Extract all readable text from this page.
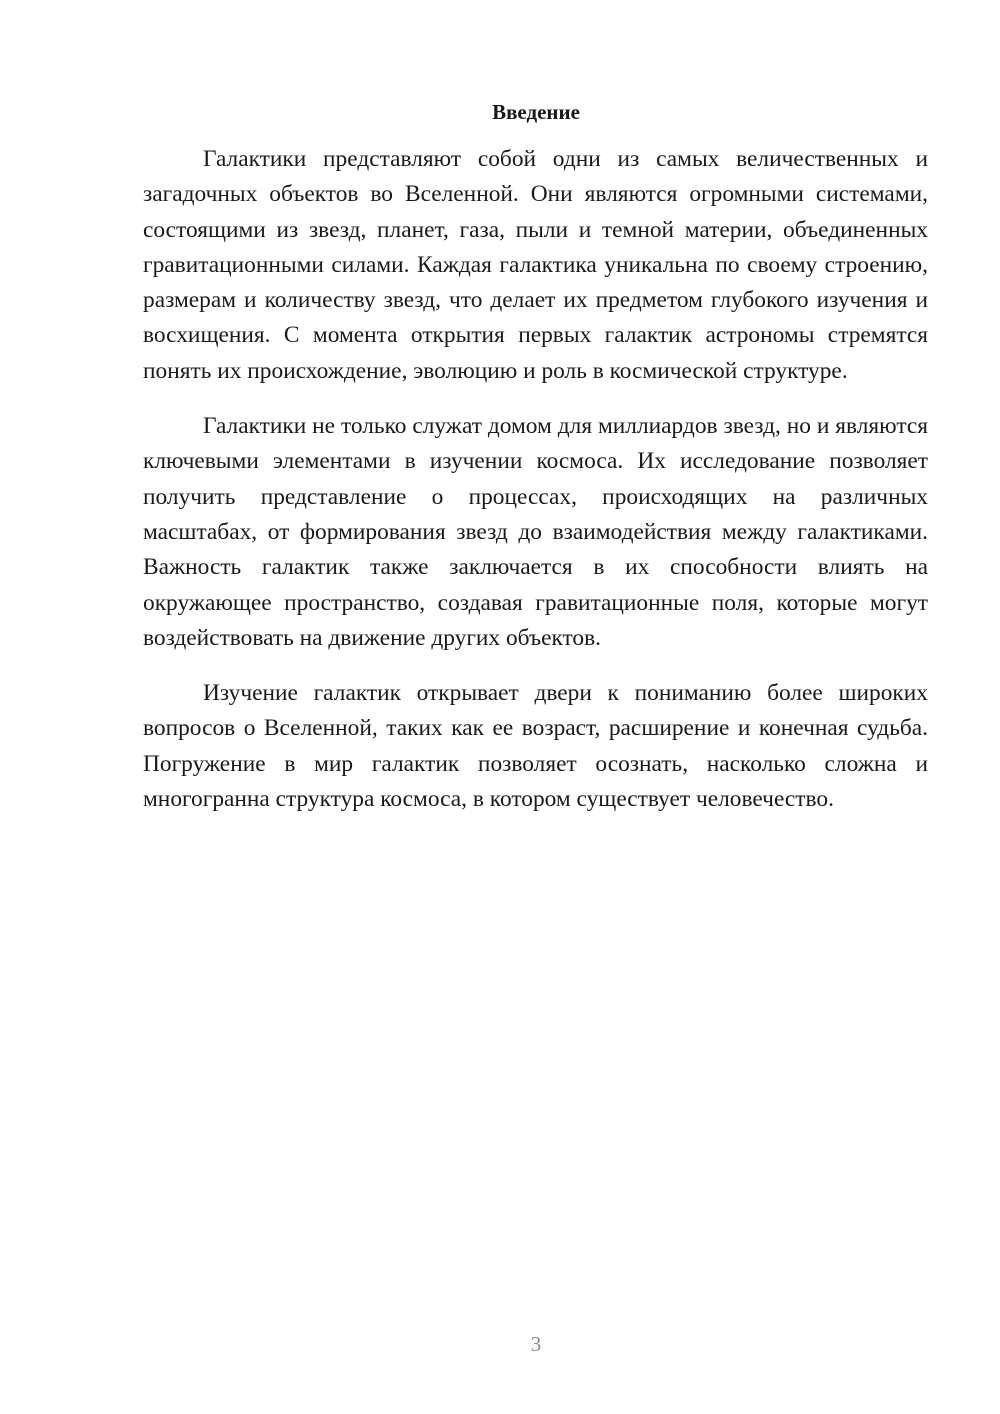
Введение

Галактики представляют собой одни из самых величественных и загадочных объектов во Вселенной. Они являются огромными системами, состоящими из звезд, планет, газа, пыли и темной материи, объединенных гравитационными силами. Каждая галактика уникальна по своему строению, размерам и количеству звезд, что делает их предметом глубокого изучения и восхищения. С момента открытия первых галактик астрономы стремятся понять их происхождение, эволюцию и роль в космической структуре.

Галактики не только служат домом для миллиардов звезд, но и являются ключевыми элементами в изучении космоса. Их исследование позволяет получить представление о процессах, происходящих на различных масштабах, от формирования звезд до взаимодействия между галактиками. Важность галактик также заключается в их способности влиять на окружающее пространство, создавая гравитационные поля, которые могут воздействовать на движение других объектов.

Изучение галактик открывает двери к пониманию более широких вопросов о Вселенной, таких как ее возраст, расширение и конечная судьба. Погружение в мир галактик позволяет осознать, насколько сложна и многогранна структура космоса, в котором существует человечество.

3
